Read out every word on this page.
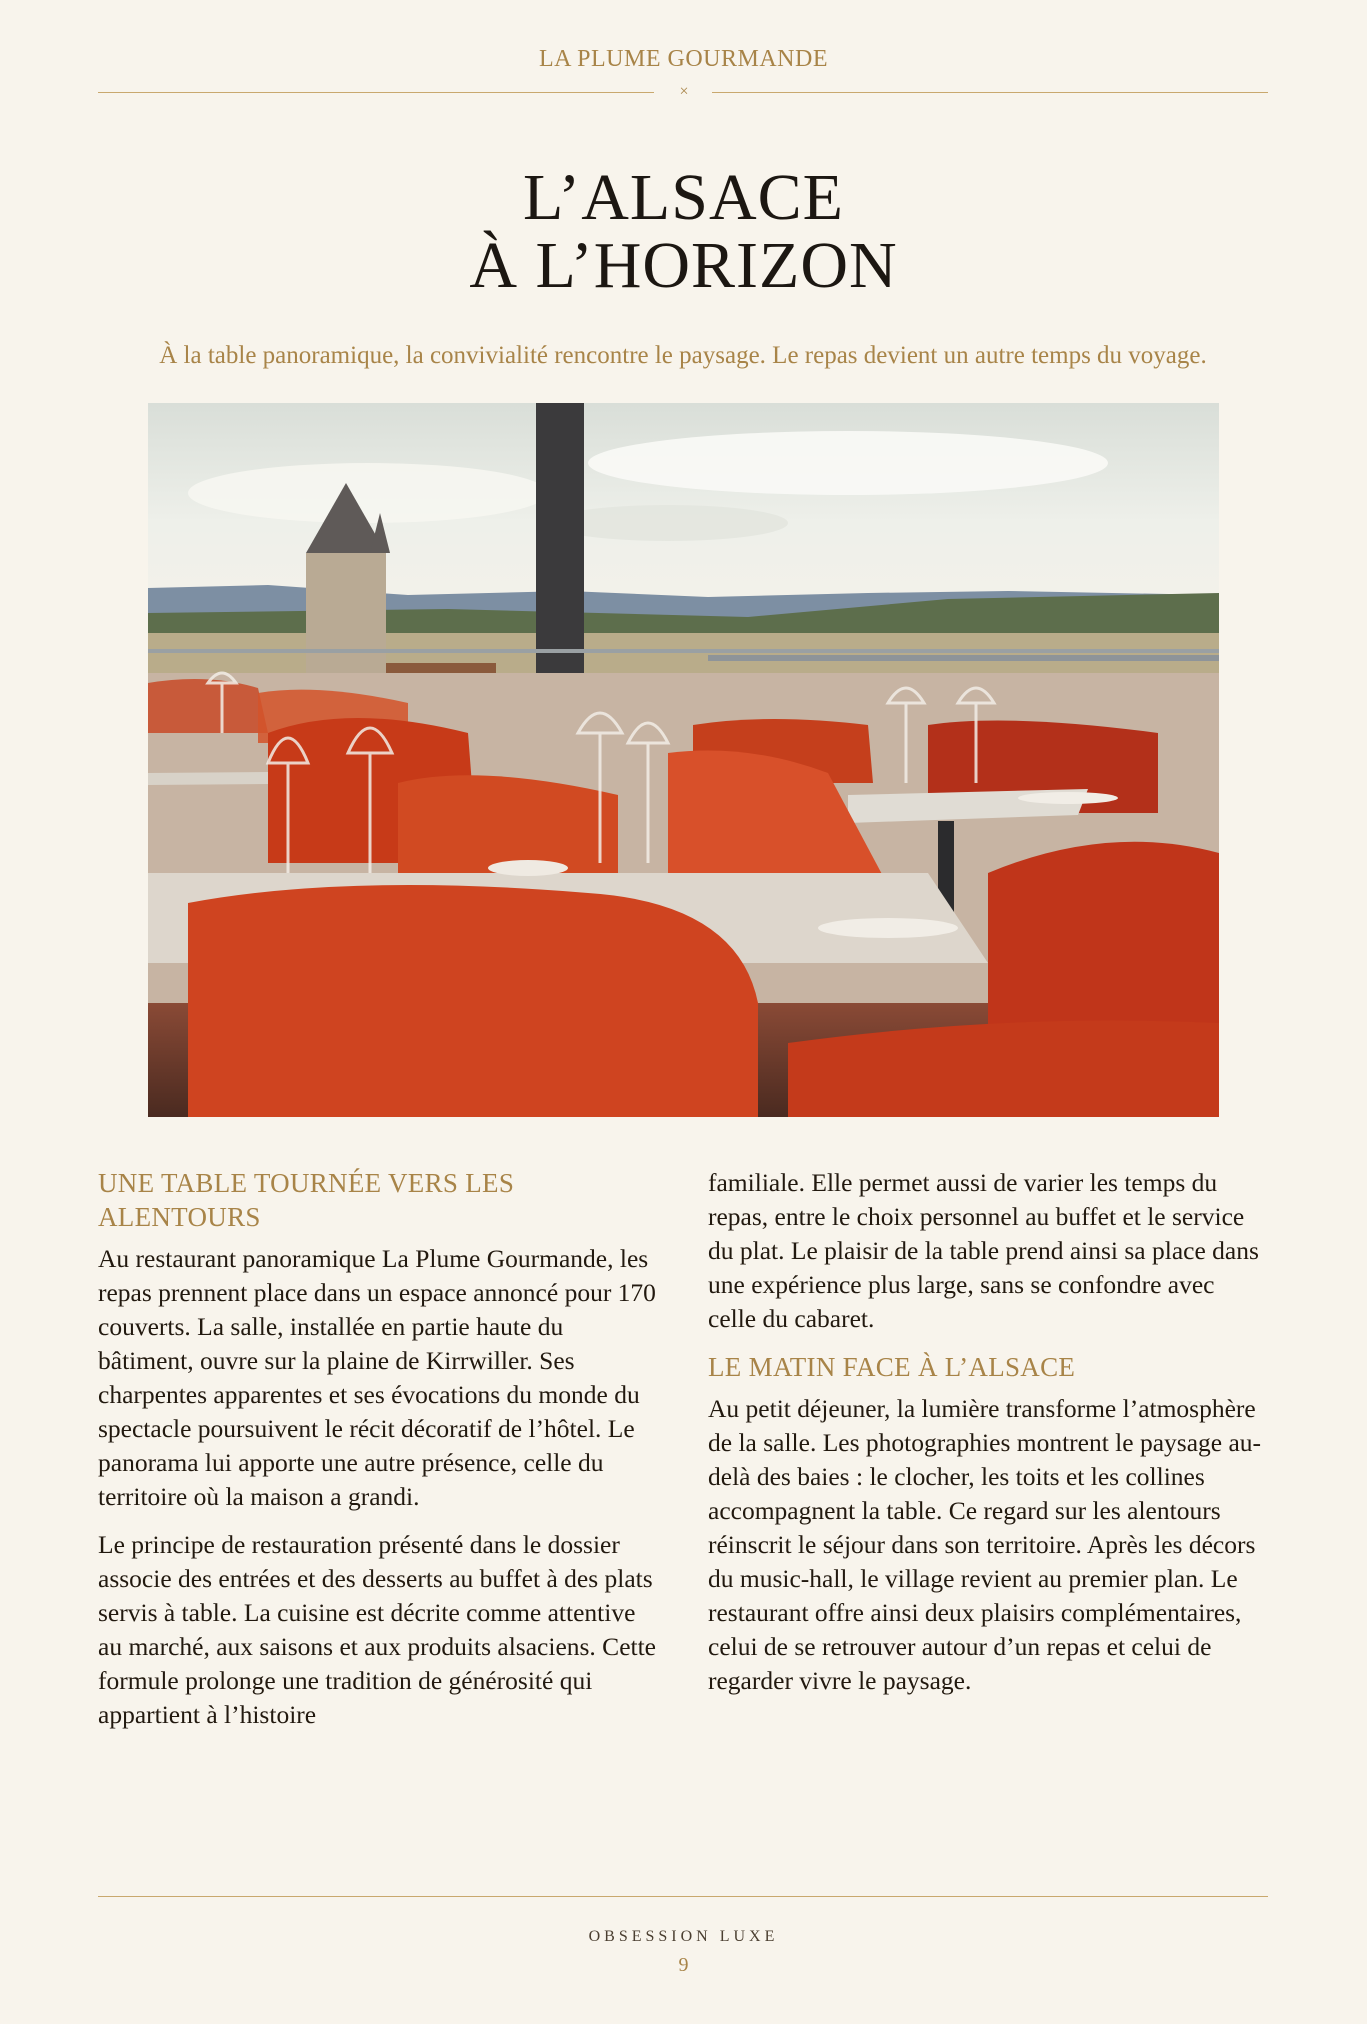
LA PLUME GOURMANDE
×
L’ALSACE
À L’HORIZON
À la table panoramique, la convivialité rencontre le paysage. Le repas devient un autre temps du voyage.
UNE TABLE TOURNÉE VERS LES ALENTOURS

Au restaurant panoramique La Plume Gourmande, les repas prennent place dans un espace annoncé pour 170 couverts. La salle, installée en partie haute du bâtiment, ouvre sur la plaine de Kirrwiller. Ses charpentes apparentes et ses évocations du monde du spectacle poursuivent le récit décoratif de l’hôtel. Le panorama lui apporte une autre présence, celle du territoire où la maison a grandi.

Le principe de restauration présenté dans le dossier associe des entrées et des desserts au buffet à des plats servis à table. La cuisine est décrite comme attentive au marché, aux saisons et aux produits alsaciens. Cette formule prolonge une tradition de générosité qui appartient à l’histoire

familiale. Elle permet aussi de varier les temps du repas, entre le choix personnel au buffet et le service du plat. Le plaisir de la table prend ainsi sa place dans une expérience plus large, sans se confondre avec celle du cabaret.

LE MATIN FACE À L’ALSACE

Au petit déjeuner, la lumière transforme l’atmosphère de la salle. Les photographies montrent le paysage au-delà des baies : le clocher, les toits et les collines accompagnent la table. Ce regard sur les alentours réinscrit le séjour dans son territoire. Après les décors du music-hall, le village revient au premier plan. Le restaurant offre ainsi deux plaisirs complémentaires, celui de se retrouver autour d’un repas et celui de regarder vivre le paysage.

OBSESSION LUXE
9
